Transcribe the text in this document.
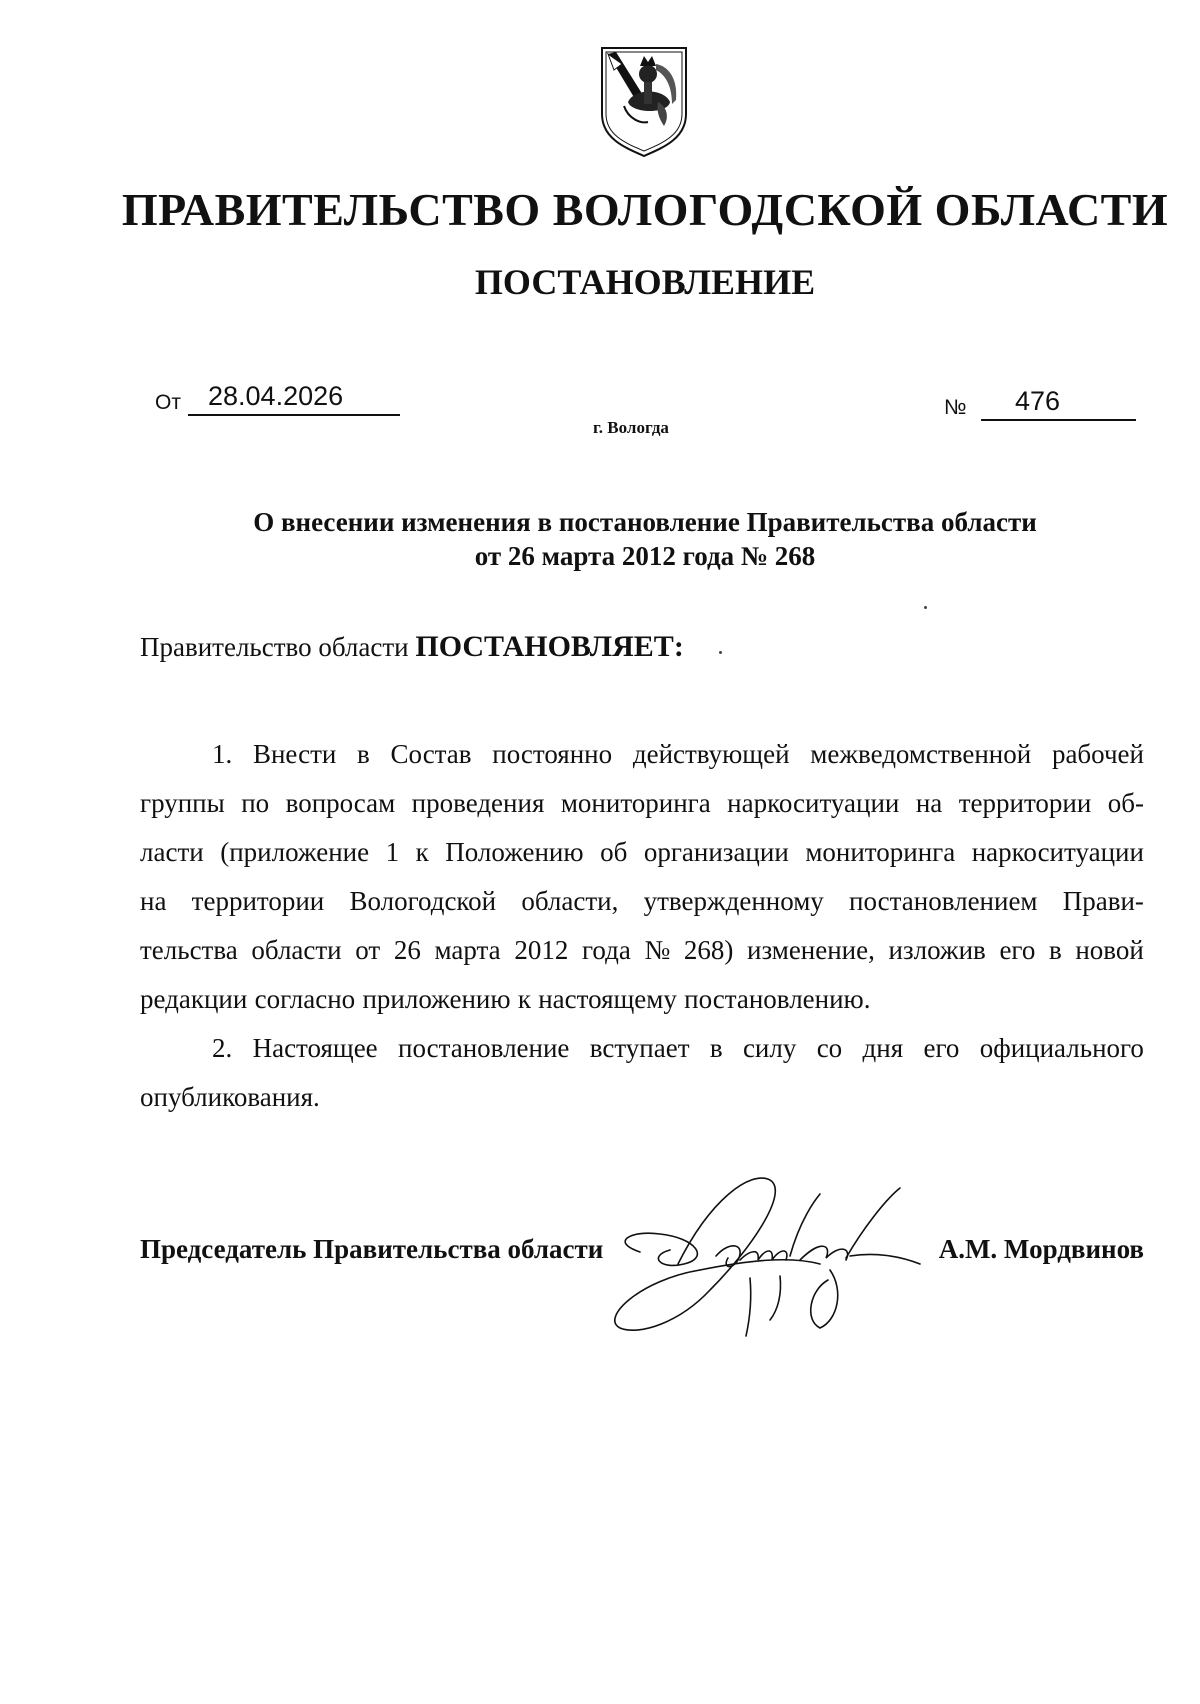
ПРАВИТЕЛЬСТВО ВОЛОГОДСКОЙ ОБЛАСТИ
ПОСТАНОВЛЕНИЕ
От	28.04.2026	№	476
г. Вологда
О внесении изменения в постановление Правительства области
от 26 марта 2012 года № 268
Правительство области ПОСТАНОВЛЯЕТ:
1. Внести в Состав постоянно действующей межведомственной рабочей
группы по вопросам проведения мониторинга наркоситуации на территории об-
ласти (приложение 1 к Положению об организации мониторинга наркоситуации
на территории Вологодской области, утвержденному постановлением Прави-
тельства области от 26 марта 2012 года № 268) изменение, изложив его в новой
редакции согласно приложению к настоящему постановлению.
2. Настоящее постановление вступает в силу со дня его официального
опубликования.
Председатель Правительства области	А.М. Мордвинов
